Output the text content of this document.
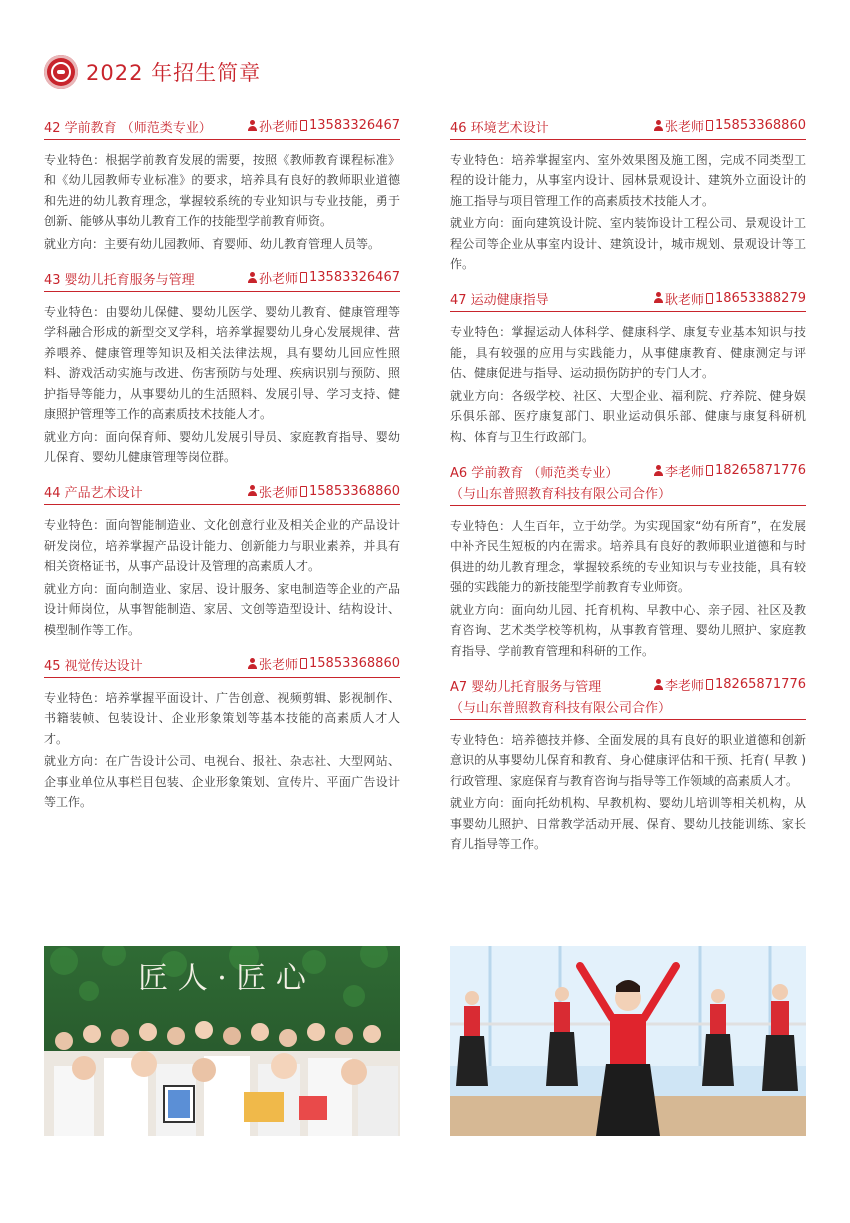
2022 年招生简章
42 学前教育 （师范类专业）	孙老师 13583326467

专业特色：根据学前教育发展的需要，按照《教师教育课程标准》和《幼儿园教师专业标准》的要求，培养具有良好的教师职业道德和先进的幼儿教育理念，掌握较系统的专业知识与专业技能，勇于创新、能够从事幼儿教育工作的技能型学前教育师资。

就业方向：主要有幼儿园教师、育婴师、幼儿教育管理人员等。

43 婴幼儿托育服务与管理	孙老师 13583326467

专业特色：由婴幼儿保健、婴幼儿医学、婴幼儿教育、健康管理等学科融合形成的新型交叉学科，培养掌握婴幼儿身心发展规律、营养喂养、健康管理等知识及相关法律法规，具有婴幼儿回应性照料、游戏活动实施与改进、伤害预防与处理、疾病识别与预防、照护指导等能力，从事婴幼儿的生活照料、发展引导、学习支持、健康照护管理等工作的高素质技术技能人才。

就业方向：面向保育师、婴幼儿发展引导员、家庭教育指导、婴幼儿保育、婴幼儿健康管理等岗位群。

44 产品艺术设计	张老师 15853368860

专业特色：面向智能制造业、文化创意行业及相关企业的产品设计研发岗位，培养掌握产品设计能力、创新能力与职业素养，并具有相关资格证书，从事产品设计及管理的高素质人才。

就业方向：面向制造业、家居、设计服务、家电制造等企业的产品设计师岗位，从事智能制造、家居、文创等造型设计、结构设计、模型制作等工作。

45 视觉传达设计	张老师 15853368860

专业特色：培养掌握平面设计、广告创意、视频剪辑、影视制作、书籍装帧、包装设计、企业形象策划等基本技能的高素质人才人才。

就业方向：在广告设计公司、电视台、报社、杂志社、大型网站、企事业单位从事栏目包装、企业形象策划、宣传片、平面广告设计等工作。

46 环境艺术设计	张老师 15853368860

专业特色：培养掌握室内、室外效果图及施工图，完成不同类型工程的设计能力，从事室内设计、园林景观设计、建筑外立面设计的施工指导与项目管理工作的高素质技术技能人才。

就业方向：面向建筑设计院、室内装饰设计工程公司、景观设计工程公司等企业从事室内设计、建筑设计，城市规划、景观设计等工作。

47 运动健康指导	耿老师 18653388279

专业特色：掌握运动人体科学、健康科学、康复专业基本知识与技能，具有较强的应用与实践能力，从事健康教育、健康测定与评估、健康促进与指导、运动损伤防护的专门人才。

就业方向：各级学校、社区、大型企业、福利院、疗养院、健身娱乐俱乐部、医疗康复部门、职业运动俱乐部、健康与康复科研机构、体育与卫生行政部门。

A6 学前教育 （师范类专业）	李老师 18265871776
（与山东普照教育科技有限公司合作）

专业特色：人生百年，立于幼学。为实现国家“幼有所育”，在发展中补齐民生短板的内在需求。培养具有良好的教师职业道德和与时俱进的幼儿教育理念，掌握较系统的专业知识与专业技能，具有较强的实践能力的新技能型学前教育专业师资。

就业方向：面向幼儿园、托育机构、早教中心、亲子园、社区及教育咨询、艺术类学校等机构，从事教育管理、婴幼儿照护、家庭教育指导、学前教育管理和科研的工作。

A7 婴幼儿托育服务与管理	李老师 18265871776
（与山东普照教育科技有限公司合作）

专业特色：培养德技并修、全面发展的具有良好的职业道德和创新意识的从事婴幼儿保育和教育、身心健康评估和干预、托育( 早教 )行政管理、家庭保育与教育咨询与指导等工作领域的高素质人才。

就业方向：面向托幼机构、早教机构、婴幼儿培训等相关机构，从事婴幼儿照护、日常教学活动开展、保育、婴幼儿技能训练、家长育儿指导等工作。

匠 人 · 匠 心
